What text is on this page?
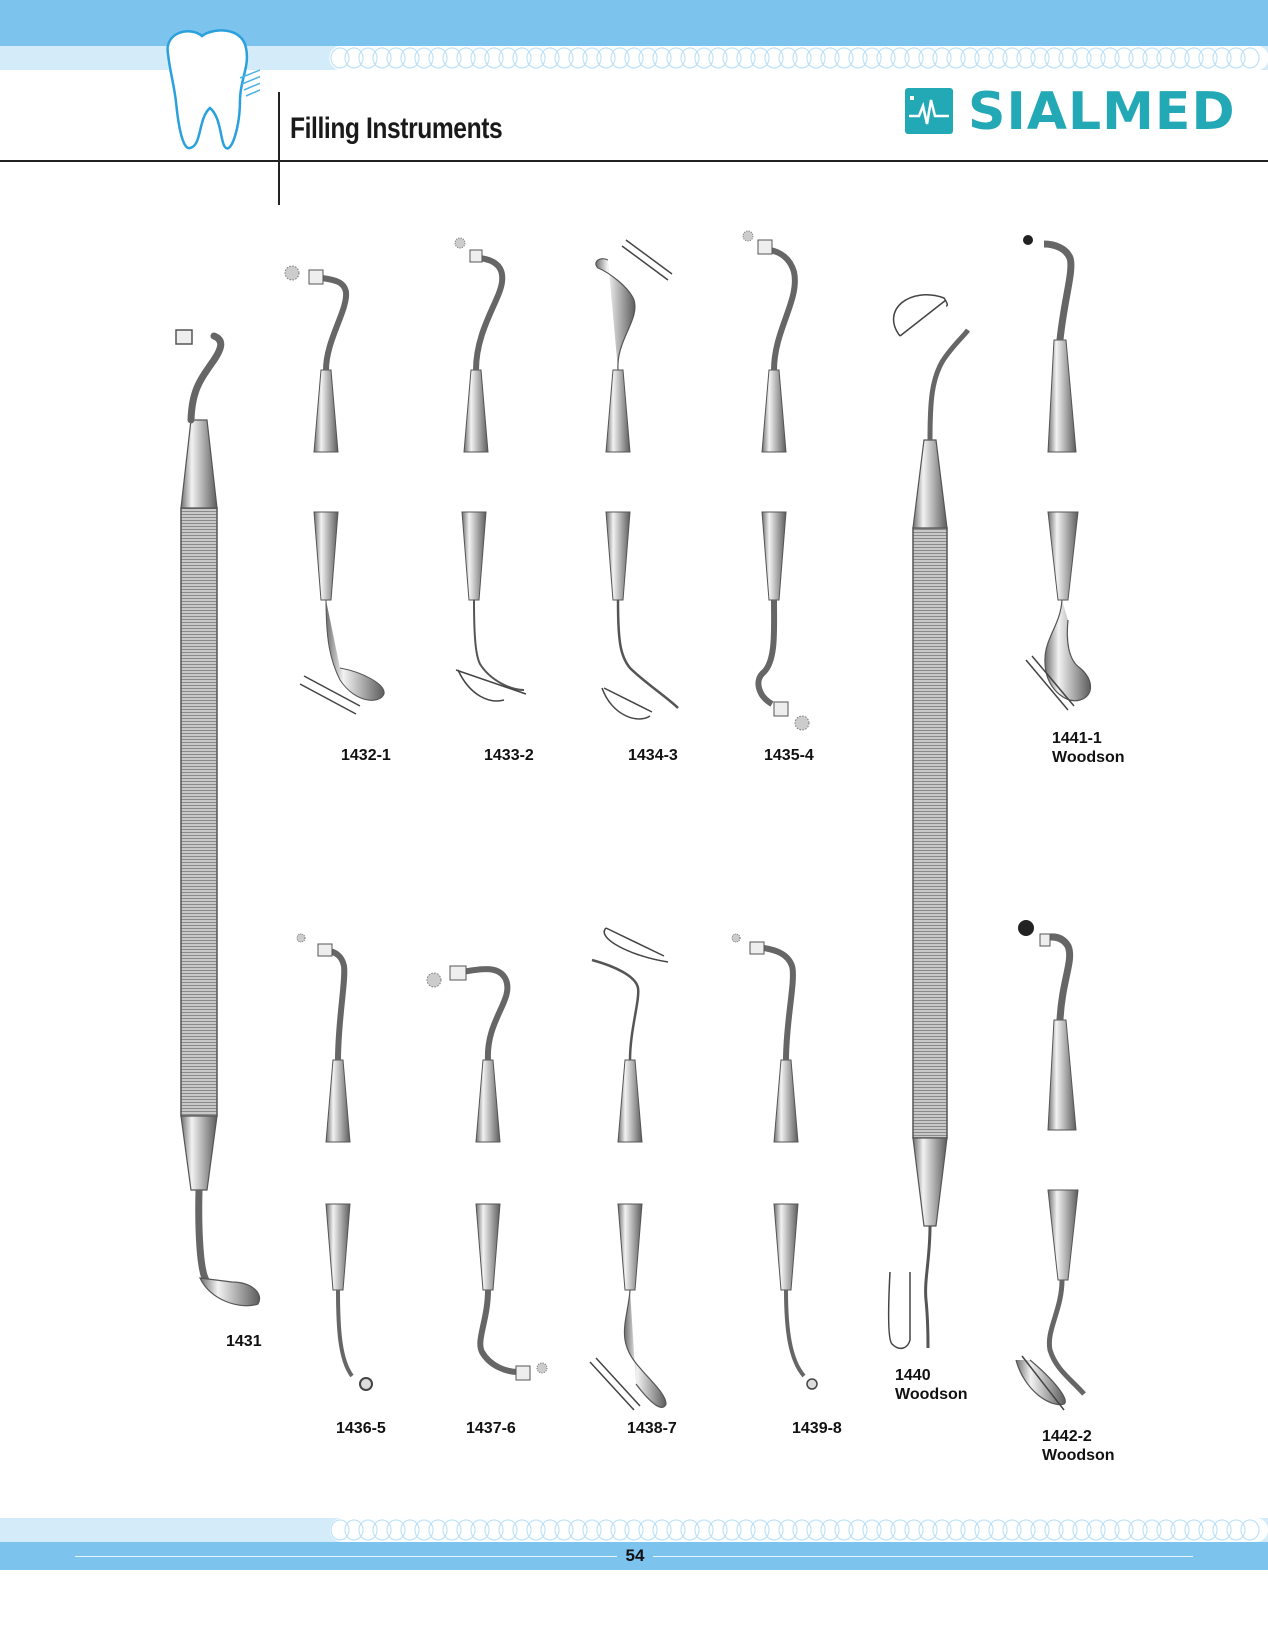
Filling Instruments	SIALMED
1431
1432-1	1433-2	1434-3	1435-4
1436-5	1437-6	1438-7	1439-8
1440
Woodson
1441-1
Woodson
1442-2
Woodson
54
